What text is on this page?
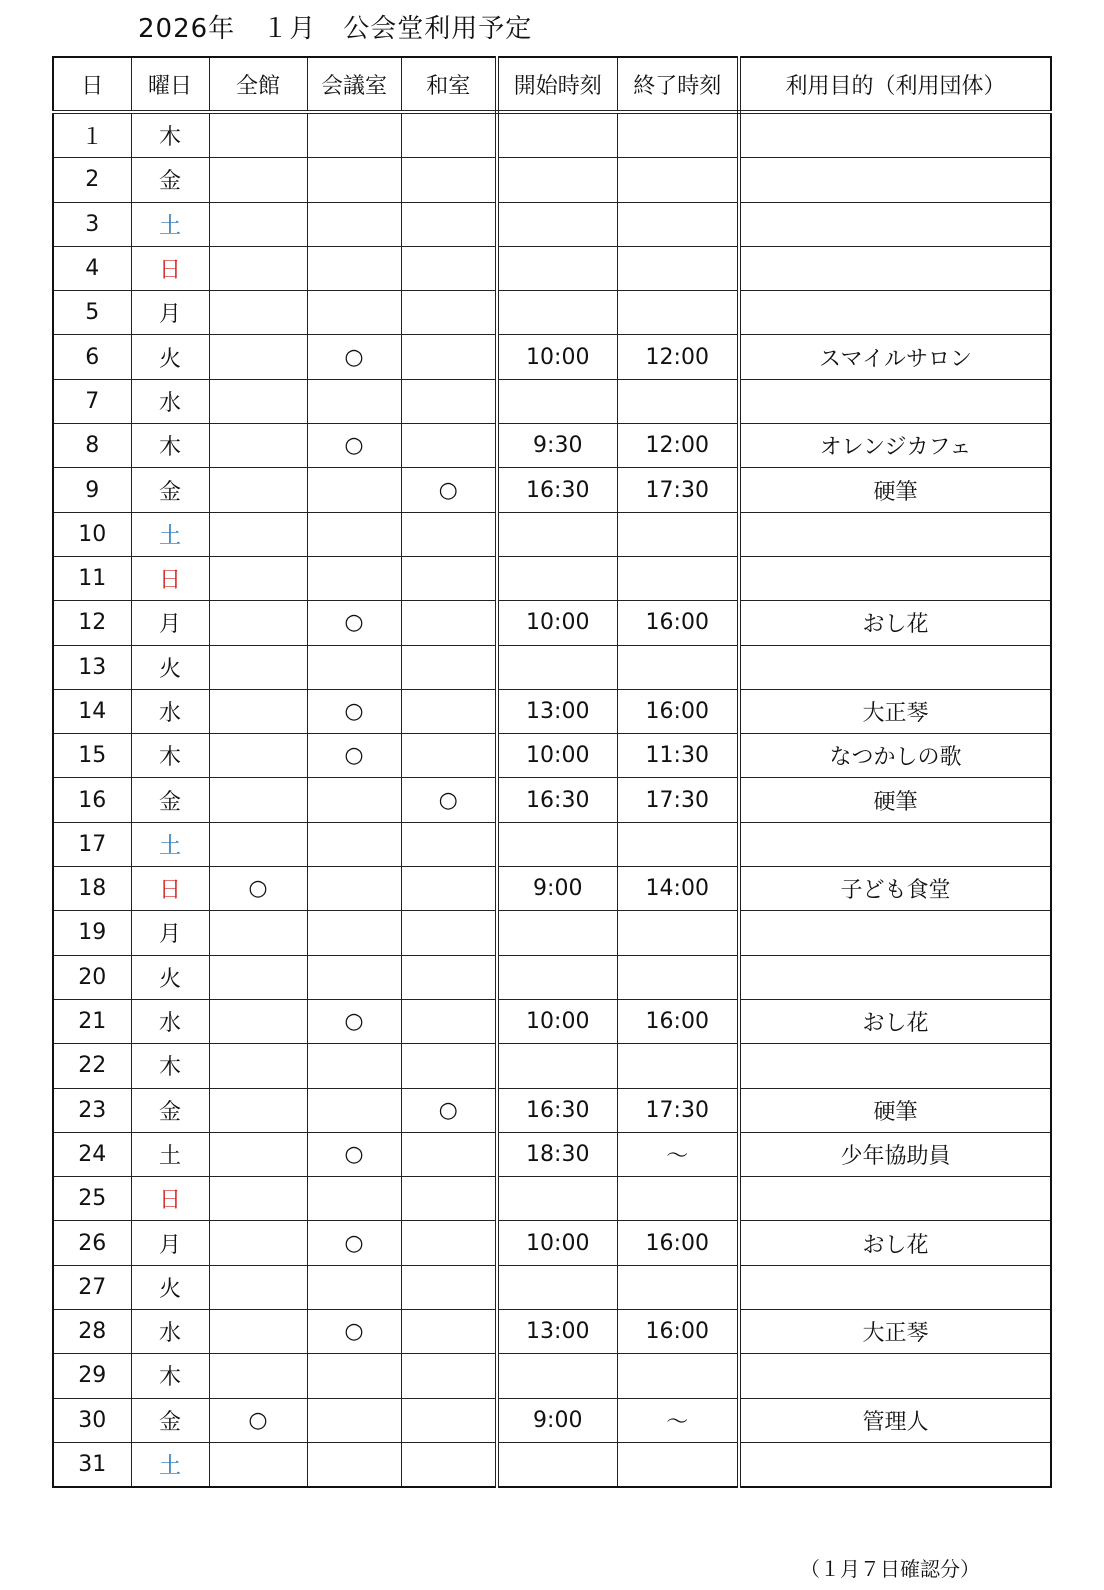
2026年　 １月　 公会堂利用予定
日	曜日	全館	会議室	和室	開始時刻	終了時刻	利用目的（利用団体）
１	木						
2	金						
3	土						
4	日						
5	月						
6	火		○		10:00	12:00	スマイルサロン
7	水						
8	木		○		9:30	12:00	オレンジカフェ
9	金			○	16:30	17:30	硬筆
10	土						
11	日						
12	月		○		10:00	16:00	おし花
13	火						
14	水		○		13:00	16:00	大正琴
15	木		○		10:00	11:30	なつかしの歌
16	金			○	16:30	17:30	硬筆
17	土						
18	日	○			9:00	14:00	子ども食堂
19	月						
20	火						
21	水		○		10:00	16:00	おし花
22	木						
23	金			○	16:30	17:30	硬筆
24	土		○		18:30	～	少年協助員
25	日						
26	月		○		10:00	16:00	おし花
27	火						
28	水		○		13:00	16:00	大正琴
29	木						
30	金	○			9:00	～	管理人
31	土						
（１月７日確認分）
